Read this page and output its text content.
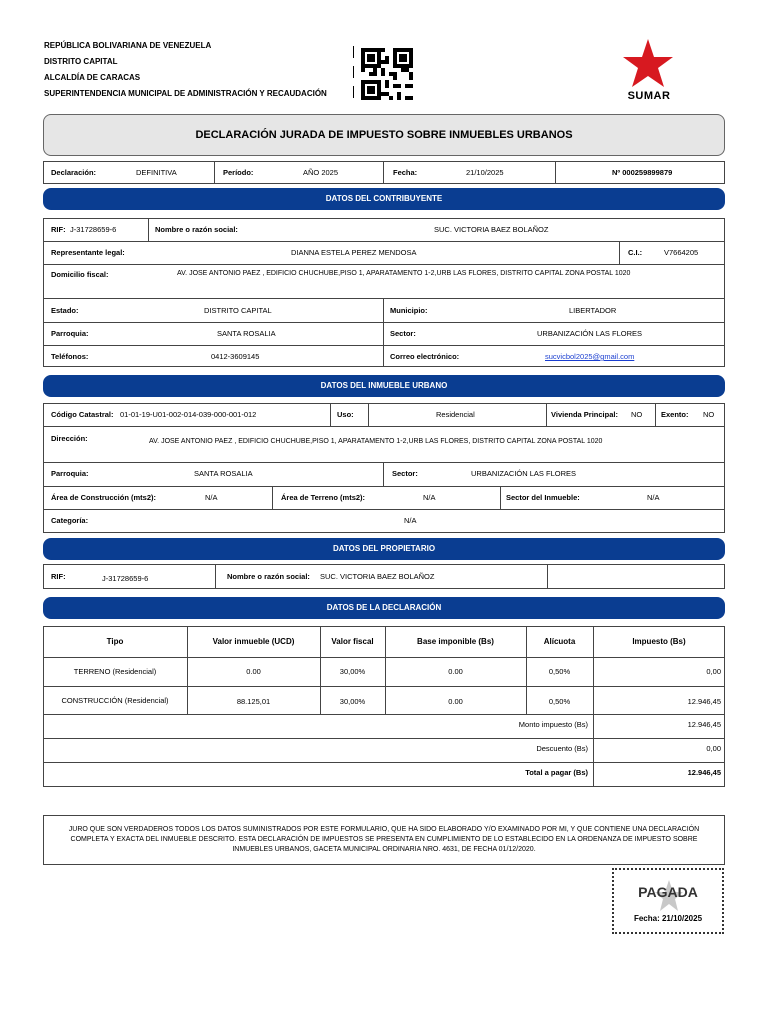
REPÚBLICA BOLIVARIANA DE VENEZUELA
DISTRITO CAPITAL
ALCALDÍA DE CARACAS
SUPERINTENDENCIA MUNICIPAL DE ADMINISTRACIÓN Y RECAUDACIÓN	SUMAR
DECLARACIÓN JURADA DE IMPUESTO SOBRE INMUEBLES URBANOS
Declaración:	DEFINITIVA	Período:	AÑO 2025	Fecha:	21/10/2025	Nº 000259899879
DATOS DEL CONTRIBUYENTE
RIF: J-31728659-6	Nombre o razón social:	SUC. VICTORIA BAEZ BOLAÑOZ
Representante legal:	DIANNA ESTELA PEREZ MENDOSA	C.I.:	V7664205
Domicilio fiscal:	AV. JOSE ANTONIO PAEZ , EDIFICIO CHUCHUBE,PISO 1, APARATAMENTO 1-2,URB LAS FLORES, DISTRITO CAPITAL ZONA POSTAL 1020
Estado:	DISTRITO CAPITAL	Municipio:	LIBERTADOR
Parroquia:	SANTA ROSALIA	Sector:	URBANIZACIÓN LAS FLORES
Teléfonos:	0412-3609145	Correo electrónico:	sucvicbol2025@gmail.com
DATOS DEL INMUEBLE URBANO
Código Catastral: 01-01-19-U01-002-014-039-000-001-012	Uso:	Residencial	Vivienda Principal: NO	Exento: NO
Dirección:	AV. JOSE ANTONIO PAEZ , EDIFICIO CHUCHUBE,PISO 1, APARATAMENTO 1-2,URB LAS FLORES, DISTRITO CAPITAL ZONA POSTAL 1020
Parroquia:	SANTA ROSALIA	Sector:	URBANIZACIÓN LAS FLORES
Área de Construcción (mts2):	N/A	Área de Terreno (mts2):	N/A	Sector del Inmueble:	N/A
Categoría:	N/A
DATOS DEL PROPIETARIO
RIF:	J-31728659-6	Nombre o razón social: SUC. VICTORIA BAEZ BOLAÑOZ
DATOS DE LA DECLARACIÓN
Tipo	Valor inmueble (UCD)	Valor fiscal	Base imponible (Bs)	Alícuota	Impuesto (Bs)
TERRENO (Residencial)	0.00	30,00%	0.00	0,50%	0,00
CONSTRUCCIÓN (Residencial)	88.125,01	30,00%	0.00	0,50%	12.946,45
Monto impuesto (Bs)	12.946,45
Descuento (Bs)	0,00
Total a pagar (Bs)	12.946,45
JURO QUE SON VERDADEROS TODOS LOS DATOS SUMINISTRADOS POR ESTE FORMULARIO, QUE HA SIDO ELABORADO Y/O EXAMINADO POR MI, Y QUE CONTIENE UNA DECLARACIÓN COMPLETA Y EXACTA DEL INMUEBLE DESCRITO. ESTA DECLARACIÓN DE IMPUESTOS SE PRESENTA EN CUMPLIMIENTO DE LO ESTABLECIDO EN LA ORDENANZA DE IMPUESTO SOBRE INMUEBLES URBANOS, GACETA MUNICIPAL ORDINARIA NRO. 4631, DE FECHA 01/12/2020.
PAGADA
Fecha: 21/10/2025
